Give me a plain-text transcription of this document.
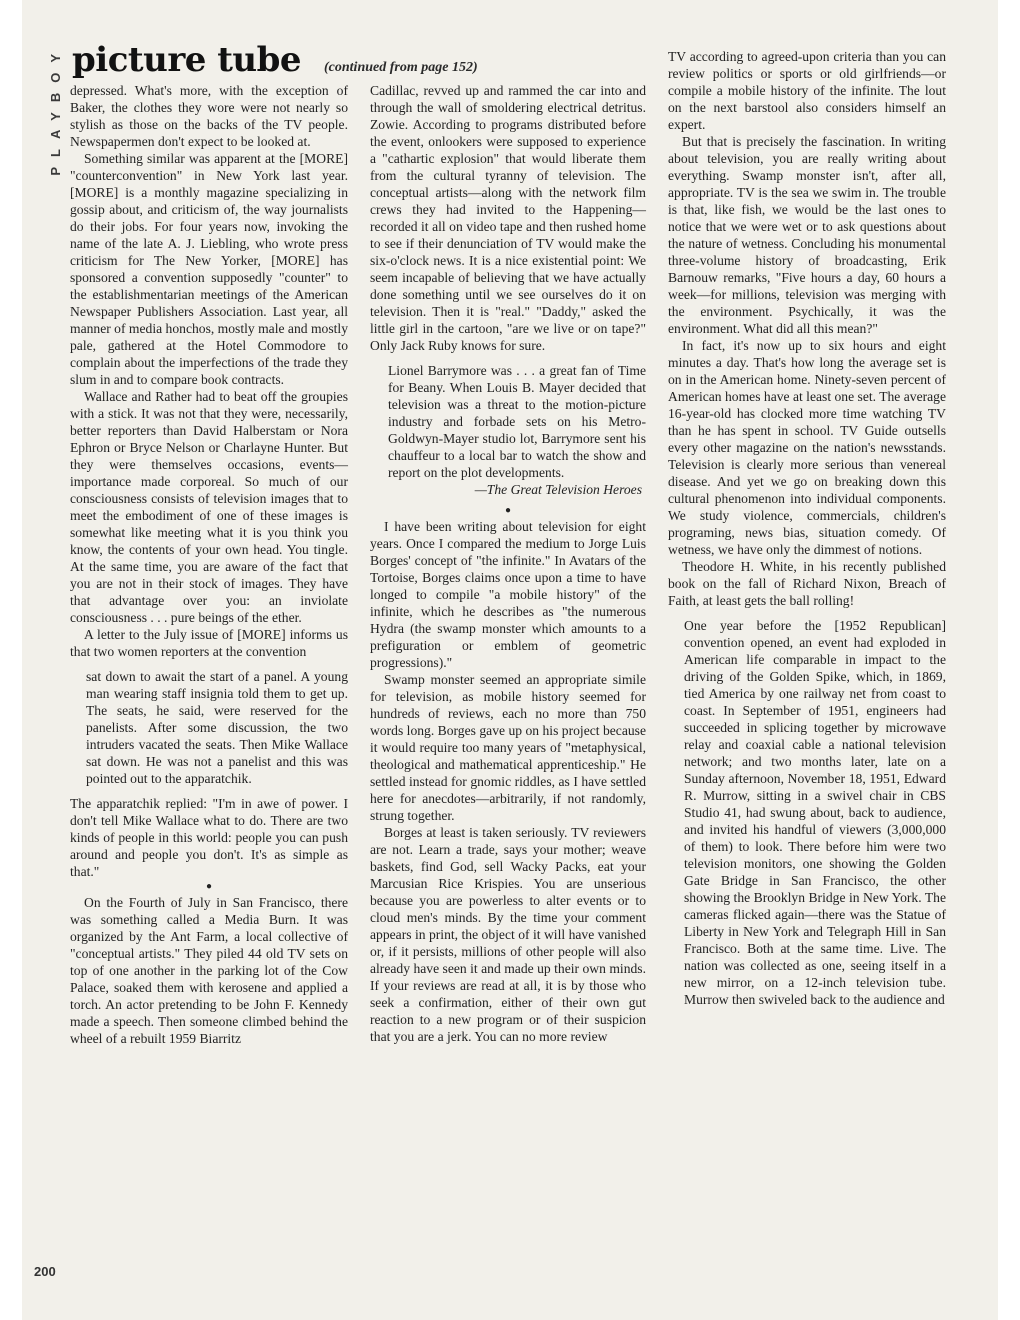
PLAYBOY picture tube (continued from page 152)

depressed. What's more, with the exception of Baker, the clothes they wore were not nearly so stylish as those on the backs of the TV people. Newspapermen don't expect to be looked at.

Something similar was apparent at the [MORE] "counterconvention" in New York last year. [MORE] is a monthly magazine specializing in gossip about, and criticism of, the way journalists do their jobs. For four years now, invoking the name of the late A. J. Liebling, who wrote press criticism for The New Yorker, [MORE] has sponsored a convention supposedly "counter" to the establishmentarian meetings of the American Newspaper Publishers Association. Last year, all manner of media honchos, mostly male and mostly pale, gathered at the Hotel Commodore to complain about the imperfections of the trade they slum in and to compare book contracts.

Wallace and Rather had to beat off the groupies with a stick. It was not that they were, necessarily, better reporters than David Halberstam or Nora Ephron or Bryce Nelson or Charlayne Hunter. But they were themselves occasions, events—importance made corporeal. So much of our consciousness consists of television images that to meet the embodiment of one of these images is somewhat like meeting what it is you think you know, the contents of your own head. You tingle. At the same time, you are aware of the fact that you are not in their stock of images. They have that advantage over you: an inviolate consciousness . . . pure beings of the ether.

A letter to the July issue of [MORE] informs us that two women reporters at the convention

sat down to await the start of a panel. A young man wearing staff insignia told them to get up. The seats, he said, were reserved for the panelists. After some discussion, the two intruders vacated the seats. Then Mike Wallace sat down. He was not a panelist and this was pointed out to the apparatchik.

The apparatchik replied: "I'm in awe of power. I don't tell Mike Wallace what to do. There are two kinds of people in this world: people you can push around and people you don't. It's as simple as that."

●

On the Fourth of July in San Francisco, there was something called a Media Burn. It was organized by the Ant Farm, a local collective of "conceptual artists." They piled 44 old TV sets on top of one another in the parking lot of the Cow Palace, soaked them with kerosene and applied a torch. An actor pretending to be John F. Kennedy made a speech. Then someone climbed behind the wheel of a rebuilt 1959 Biarritz

Cadillac, revved up and rammed the car into and through the wall of smoldering electrical detritus. Zowie. According to programs distributed before the event, onlookers were supposed to experience a "cathartic explosion" that would liberate them from the cultural tyranny of television. The conceptual artists—along with the network film crews they had invited to the Happening—recorded it all on video tape and then rushed home to see if their denunciation of TV would make the six-o'clock news. It is a nice existential point: We seem incapable of believing that we have actually done something until we see ourselves do it on television. Then it is "real." "Daddy," asked the little girl in the cartoon, "are we live or on tape?" Only Jack Ruby knows for sure.

Lionel Barrymore was . . . a great fan of Time for Beany. When Louis B. Mayer decided that television was a threat to the motion-picture industry and forbade sets on his Metro-Goldwyn-Mayer studio lot, Barrymore sent his chauffeur to a local bar to watch the show and report on the plot developments.

—The Great Television Heroes
●

I have been writing about television for eight years. Once I compared the medium to Jorge Luis Borges' concept of "the infinite." In Avatars of the Tortoise, Borges claims once upon a time to have longed to compile "a mobile history" of the infinite, which he describes as "the numerous Hydra (the swamp monster which amounts to a prefiguration or emblem of geometric progressions)."

Swamp monster seemed an appropriate simile for television, as mobile history seemed for hundreds of reviews, each no more than 750 words long. Borges gave up on his project because it would require too many years of "metaphysical, theological and mathematical apprenticeship." He settled instead for gnomic riddles, as I have settled here for anecdotes—arbitrarily, if not randomly, strung together.

Borges at least is taken seriously. TV reviewers are not. Learn a trade, says your mother; weave baskets, find God, sell Wacky Packs, eat your Marcusian Rice Krispies. You are unserious because you are powerless to alter events or to cloud men's minds. By the time your comment appears in print, the object of it will have vanished or, if it persists, millions of other people will also already have seen it and made up their own minds. If your reviews are read at all, it is by those who seek a confirmation, either of their own gut reaction to a new program or of their suspicion that you are a jerk. You can no more review

TV according to agreed-upon criteria than you can review politics or sports or old girlfriends—or compile a mobile history of the infinite. The lout on the next barstool also considers himself an expert.

But that is precisely the fascination. In writing about television, you are really writing about everything. Swamp monster isn't, after all, appropriate. TV is the sea we swim in. The trouble is that, like fish, we would be the last ones to notice that we were wet or to ask questions about the nature of wetness. Concluding his monumental three-volume history of broadcasting, Erik Barnouw remarks, "Five hours a day, 60 hours a week—for millions, television was merging with the environment. Psychically, it was the environment. What did all this mean?"

In fact, it's now up to six hours and eight minutes a day. That's how long the average set is on in the American home. Ninety-seven percent of American homes have at least one set. The average 16-year-old has clocked more time watching TV than he has spent in school. TV Guide outsells every other magazine on the nation's newsstands. Television is clearly more serious than venereal disease. And yet we go on breaking down this cultural phenomenon into individual components. We study violence, commercials, children's programing, news bias, situation comedy. Of wetness, we have only the dimmest of notions.

Theodore H. White, in his recently published book on the fall of Richard Nixon, Breach of Faith, at least gets the ball rolling!

One year before the [1952 Republican] convention opened, an event had exploded in American life comparable in impact to the driving of the Golden Spike, which, in 1869, tied America by one railway net from coast to coast. In September of 1951, engineers had succeeded in splicing together by microwave relay and coaxial cable a national television network; and two months later, late on a Sunday afternoon, November 18, 1951, Edward R. Murrow, sitting in a swivel chair in CBS Studio 41, had swung about, back to audience, and invited his handful of viewers (3,000,000 of them) to look. There before him were two television monitors, one showing the Golden Gate Bridge in San Francisco, the other showing the Brooklyn Bridge in New York. The cameras flicked again—there was the Statue of Liberty in New York and Telegraph Hill in San Francisco. Both at the same time. Live. The nation was collected as one, seeing itself in a new mirror, on a 12-inch television tube. Murrow then swiveled back to the audience and

200
